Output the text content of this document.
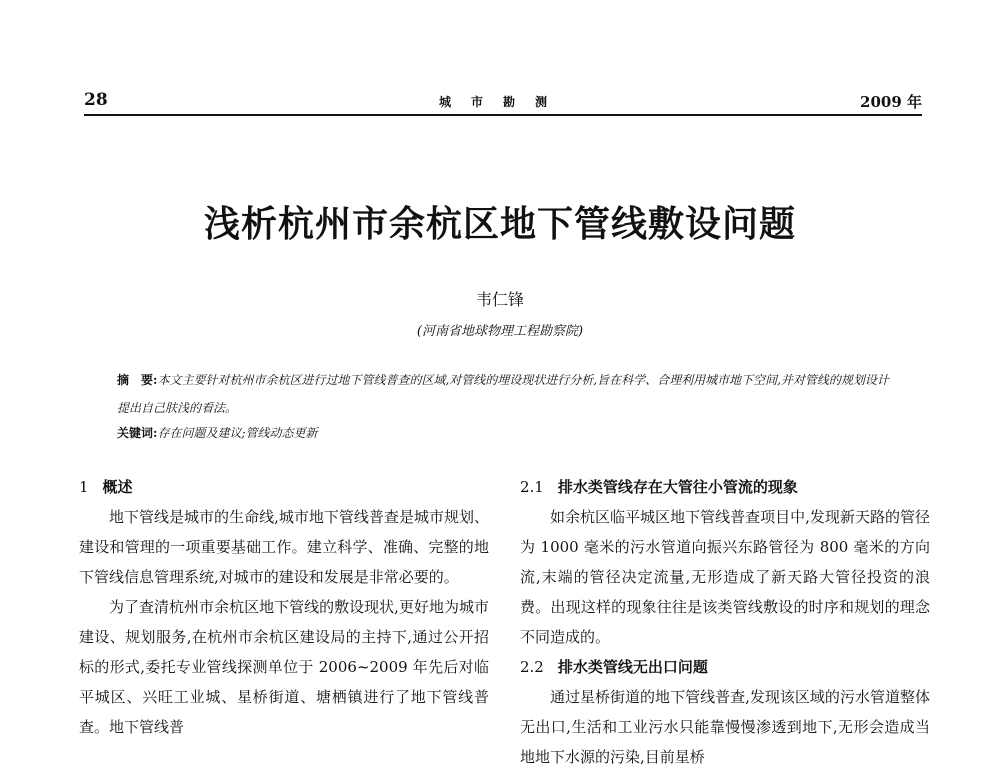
28	城市勘测	2009 年
浅析杭州市余杭区地下管线敷设问题
韦仁锋
(河南省地球物理工程勘察院)
摘　要:本文主要针对杭州市余杭区进行过地下管线普查的区域,对管线的埋设现状进行分析,旨在科学、合理利用城市地下空间,并对管线的规划设计提出自己肤浅的看法。
关键词:存在问题及建议;管线动态更新
1 概述

地下管线是城市的生命线,城市地下管线普查是城市规划、建设和管理的一项重要基础工作。建立科学、准确、完整的地下管线信息管理系统,对城市的建设和发展是非常必要的。

为了查清杭州市余杭区地下管线的敷设现状,更好地为城市建设、规划服务,在杭州市余杭区建设局的主持下,通过公开招标的形式,委托专业管线探测单位于 2006~2009 年先后对临平城区、兴旺工业城、星桥街道、塘栖镇进行了地下管线普查。地下管线普

2.1 排水类管线存在大管往小管流的现象

如余杭区临平城区地下管线普查项目中,发现新天路的管径为 1000 毫米的污水管道向振兴东路管径为 800 毫米的方向流,末端的管径决定流量,无形造成了新天路大管径投资的浪费。出现这样的现象往往是该类管线敷设的时序和规划的理念不同造成的。

2.2 排水类管线无出口问题

通过星桥街道的地下管线普查,发现该区域的污水管道整体无出口,生活和工业污水只能靠慢慢渗透到地下,无形会造成当地地下水源的污染,目前星桥
